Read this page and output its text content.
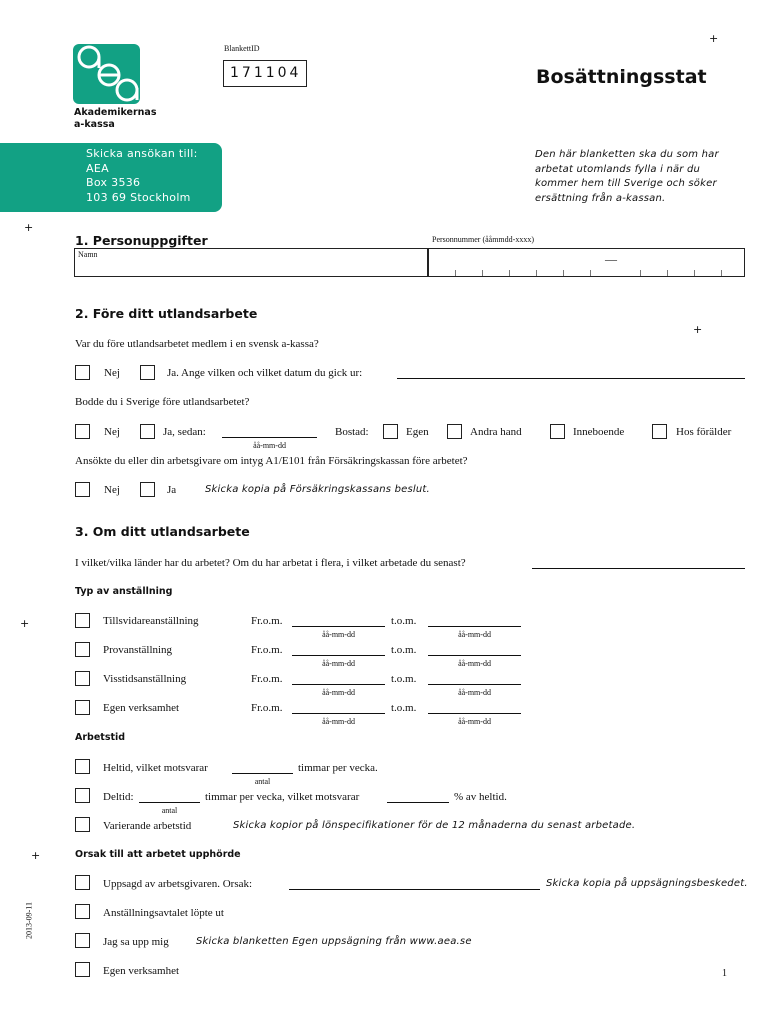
+
+
+
+
+
Akademikernas
a-kassa
BlankettID
171104	Bosättningsstat
Skicka ansökan till:
AEA
Box 3536
103 69 Stockholm
Den här blanketten ska du som har
arbetat utomlands fylla i när du
kommer hem till Sverige och söker
ersättning från a-kassan.
1. Personuppgifter	Personnummer (ååmmdd-xxxx)
Namn	—
2. Före ditt utlandsarbete
Var du före utlandsarbetet medlem i en svensk a-kassa?
Nej	Ja. Ange vilken och vilket datum du gick ur:
Bodde du i Sverige före utlandsarbetet?
Nej	Ja, sedan:
åå-mm-dd
Bostad:	Egen	Andra hand	Inneboende	Hos förälder
Ansökte du eller din arbetsgivare om intyg A1/E101 från Försäkringskassan före arbetet?
Nej	Ja	Skicka kopia på Försäkringskassans beslut.
3. Om ditt utlandsarbete
I vilket/vilka länder har du arbetet? Om du har arbetat i flera, i vilket arbetade du senast?
Typ av anställning
Tillsvidareanställning	Fr.o.m.
åå-mm-dd
t.o.m.
åå-mm-dd
Provanställning	Fr.o.m.
åå-mm-dd
t.o.m.
åå-mm-dd
Visstidsanställning	Fr.o.m.
åå-mm-dd
t.o.m.
åå-mm-dd
Egen verksamhet	Fr.o.m.
åå-mm-dd
t.o.m.
åå-mm-dd
Arbetstid
Heltid, vilket motsvarar
antal
timmar per vecka.
Deltid:
antal
timmar per vecka, vilket motsvarar	% av heltid.
Varierande arbetstid	Skicka kopior på lönspecifikationer för de 12 månaderna du senast arbetade.
Orsak till att arbetet upphörde
Uppsagd av arbetsgivaren. Orsak:	Skicka kopia på uppsägningsbeskedet.
Anställningsavtalet löpte ut
Jag sa upp mig	Skicka blanketten Egen uppsägning från www.aea.se
Egen verksamhet
2013-09-11
1
